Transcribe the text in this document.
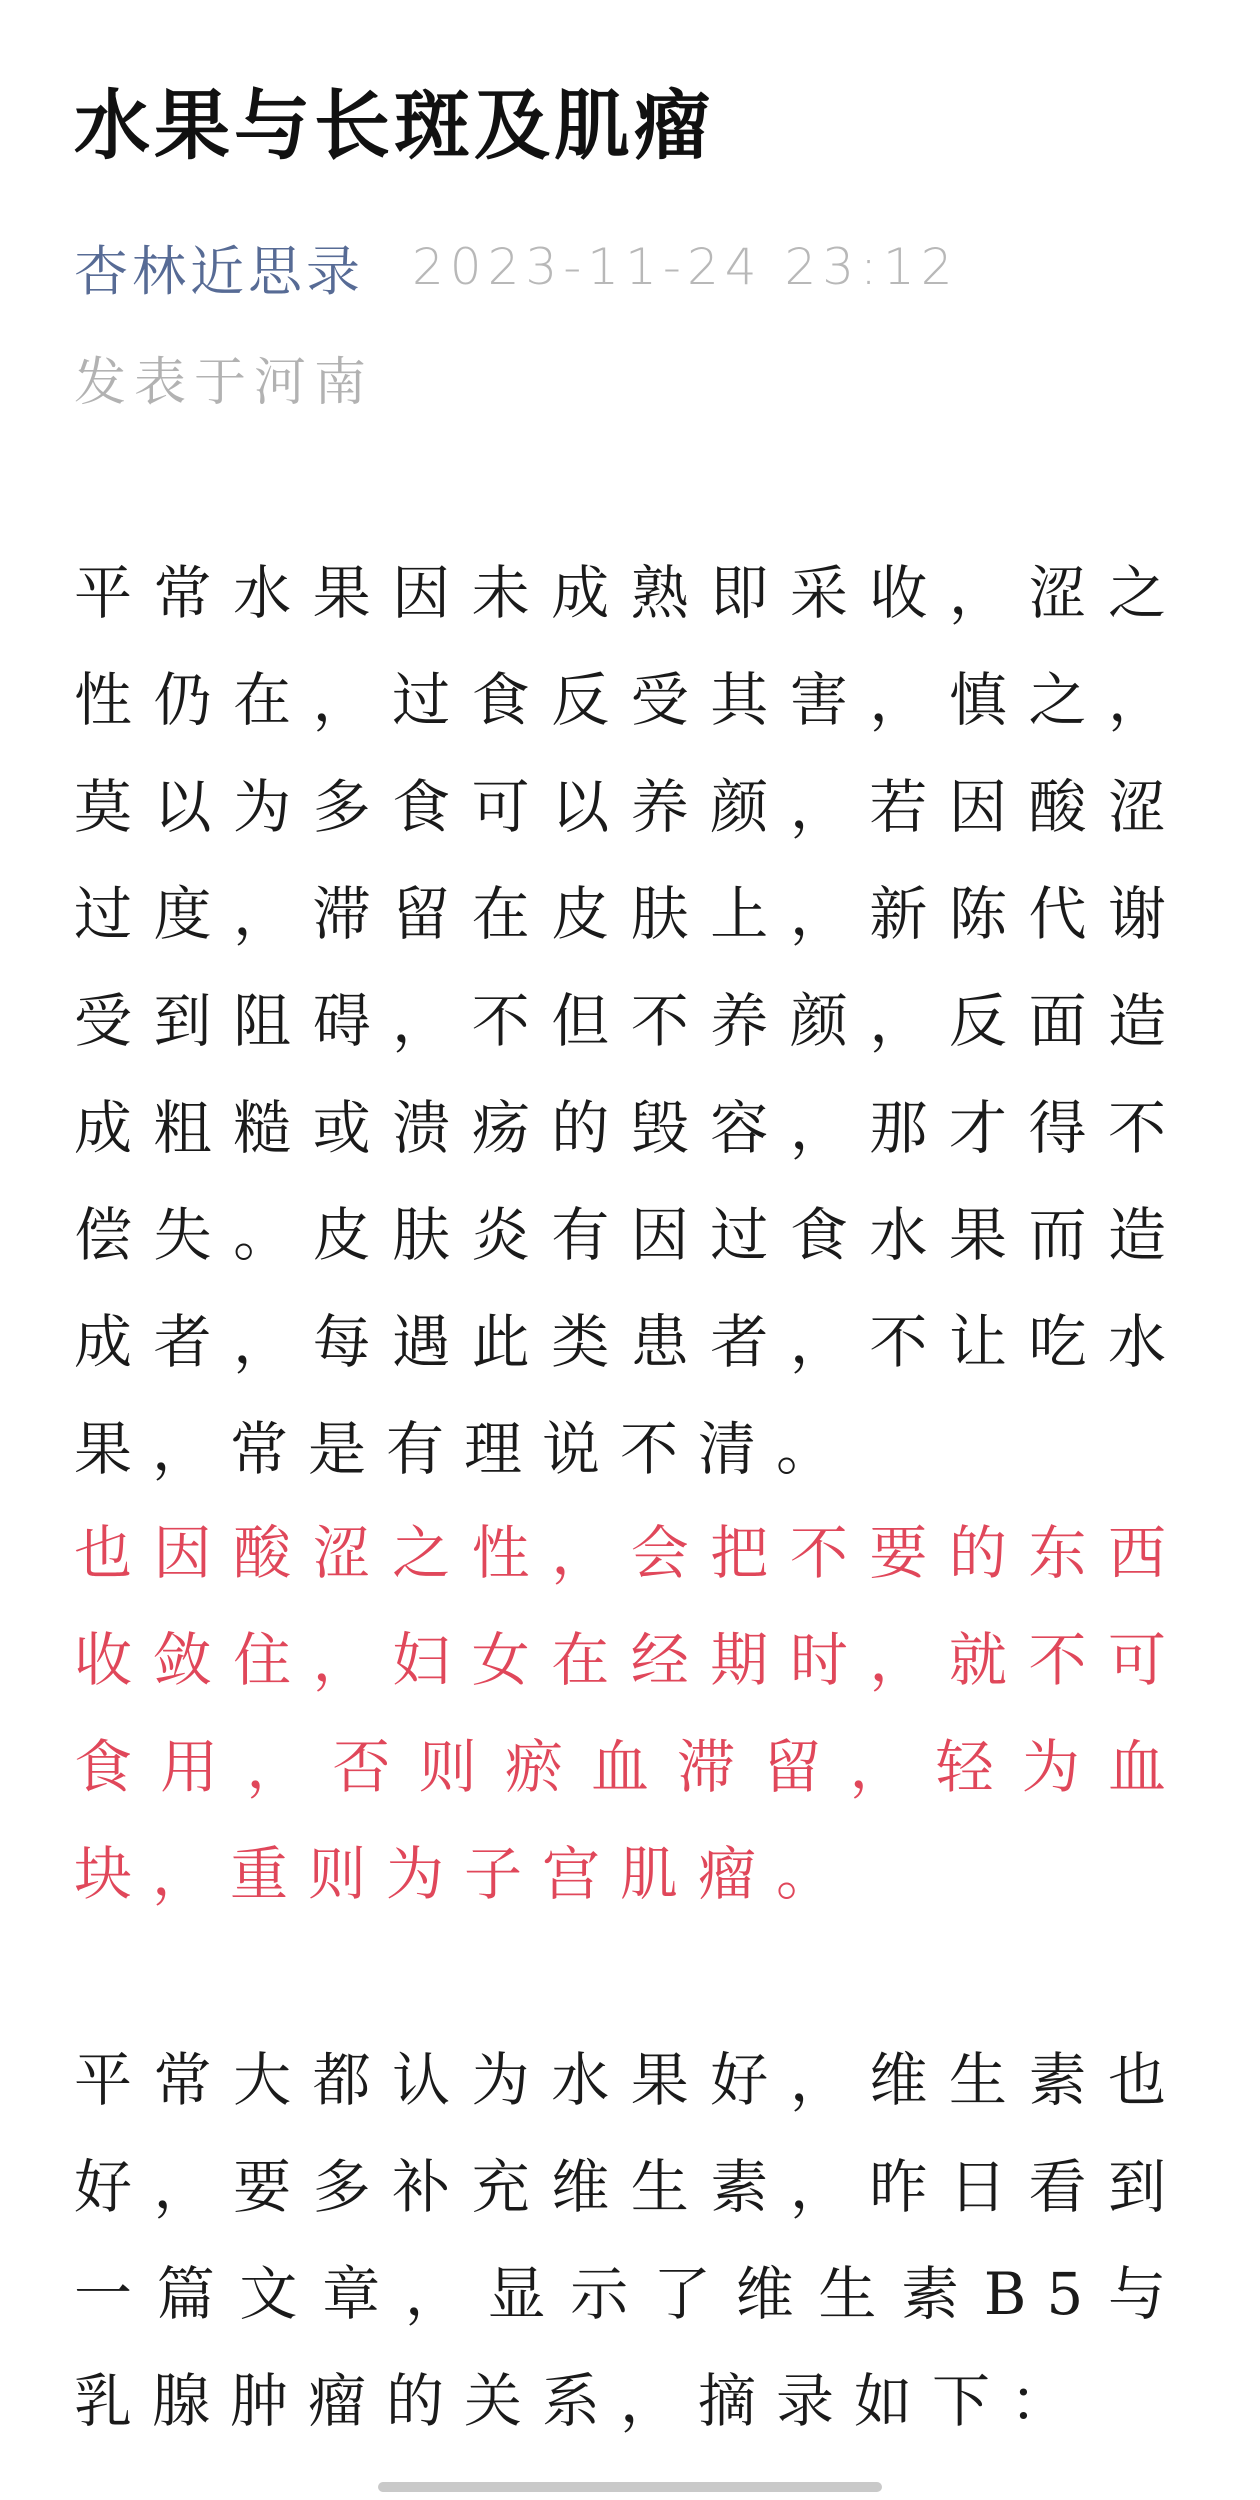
水果与长斑及肌瘤
杏林近思录 2023-11-24 23:12
发表于河南

平常水果因未成熟即采收，涩之性仍在，过食反受其害，慎之，莫以为多食可以养颜，若因酸涩过度，滞留在皮肤上，新陈代谢受到阻碍，不但不养颜，反面造成粗糙或溃疡的毁容，那才得不偿失。皮肤炎有因过食水果而造成者，每遇此类患者，不让吃水果，常是有理说不清。

也因酸涩之性，会把不要的东西收敛住，妇女在经期时，就不可食用，否则瘀血滞留，轻为血块，重则为子宫肌瘤。

平常大都认为水果好，维生素也好，要多补充维生素，昨日看到一篇文章，显示了维生素B5与乳腺肿瘤的关系，摘录如下：
